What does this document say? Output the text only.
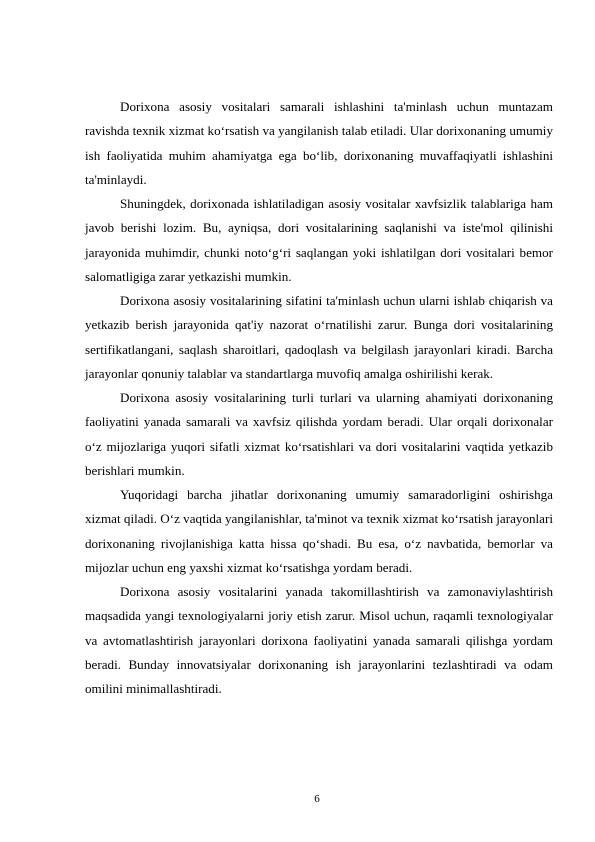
Dorixona asosiy vositalari samarali ishlashini ta'minlash uchun muntazam ravishda texnik xizmat ko‘rsatish va yangilanish talab etiladi. Ular dorixonaning umumiy ish faoliyatida muhim ahamiyatga ega bo‘lib, dorixonaning muvaffaqiyatli ishlashini ta'minlaydi.

Shuningdek, dorixonada ishlatiladigan asosiy vositalar xavfsizlik talablariga ham javob berishi lozim. Bu, ayniqsa, dori vositalarining saqlanishi va iste'mol qilinishi jarayonida muhimdir, chunki noto‘g‘ri saqlangan yoki ishlatilgan dori vositalari bemor salomatligiga zarar yetkazishi mumkin.

Dorixona asosiy vositalarining sifatini ta'minlash uchun ularni ishlab chiqarish va yetkazib berish jarayonida qat'iy nazorat o‘rnatilishi zarur. Bunga dori vositalarining sertifikatlangani, saqlash sharoitlari, qadoqlash va belgilash jarayonlari kiradi. Barcha jarayonlar qonuniy talablar va standartlarga muvofiq amalga oshirilishi kerak.

Dorixona asosiy vositalarining turli turlari va ularning ahamiyati dorixonaning faoliyatini yanada samarali va xavfsiz qilishda yordam beradi. Ular orqali dorixonalar o‘z mijozlariga yuqori sifatli xizmat ko‘rsatishlari va dori vositalarini vaqtida yetkazib berishlari mumkin.

Yuqoridagi barcha jihatlar dorixonaning umumiy samaradorligini oshirishga xizmat qiladi. O‘z vaqtida yangilanishlar, ta'minot va texnik xizmat ko‘rsatish jarayonlari dorixonaning rivojlanishiga katta hissa qo‘shadi. Bu esa, o‘z navbatida, bemorlar va mijozlar uchun eng yaxshi xizmat ko‘rsatishga yordam beradi.

Dorixona asosiy vositalarini yanada takomillashtirish va zamonaviylashtirish maqsadida yangi texnologiyalarni joriy etish zarur. Misol uchun, raqamli texnologiyalar va avtomatlashtirish jarayonlari dorixona faoliyatini yanada samarali qilishga yordam beradi. Bunday innovatsiyalar dorixonaning ish jarayonlarini tezlashtiradi va odam omilini minimallashtiradi.

6
